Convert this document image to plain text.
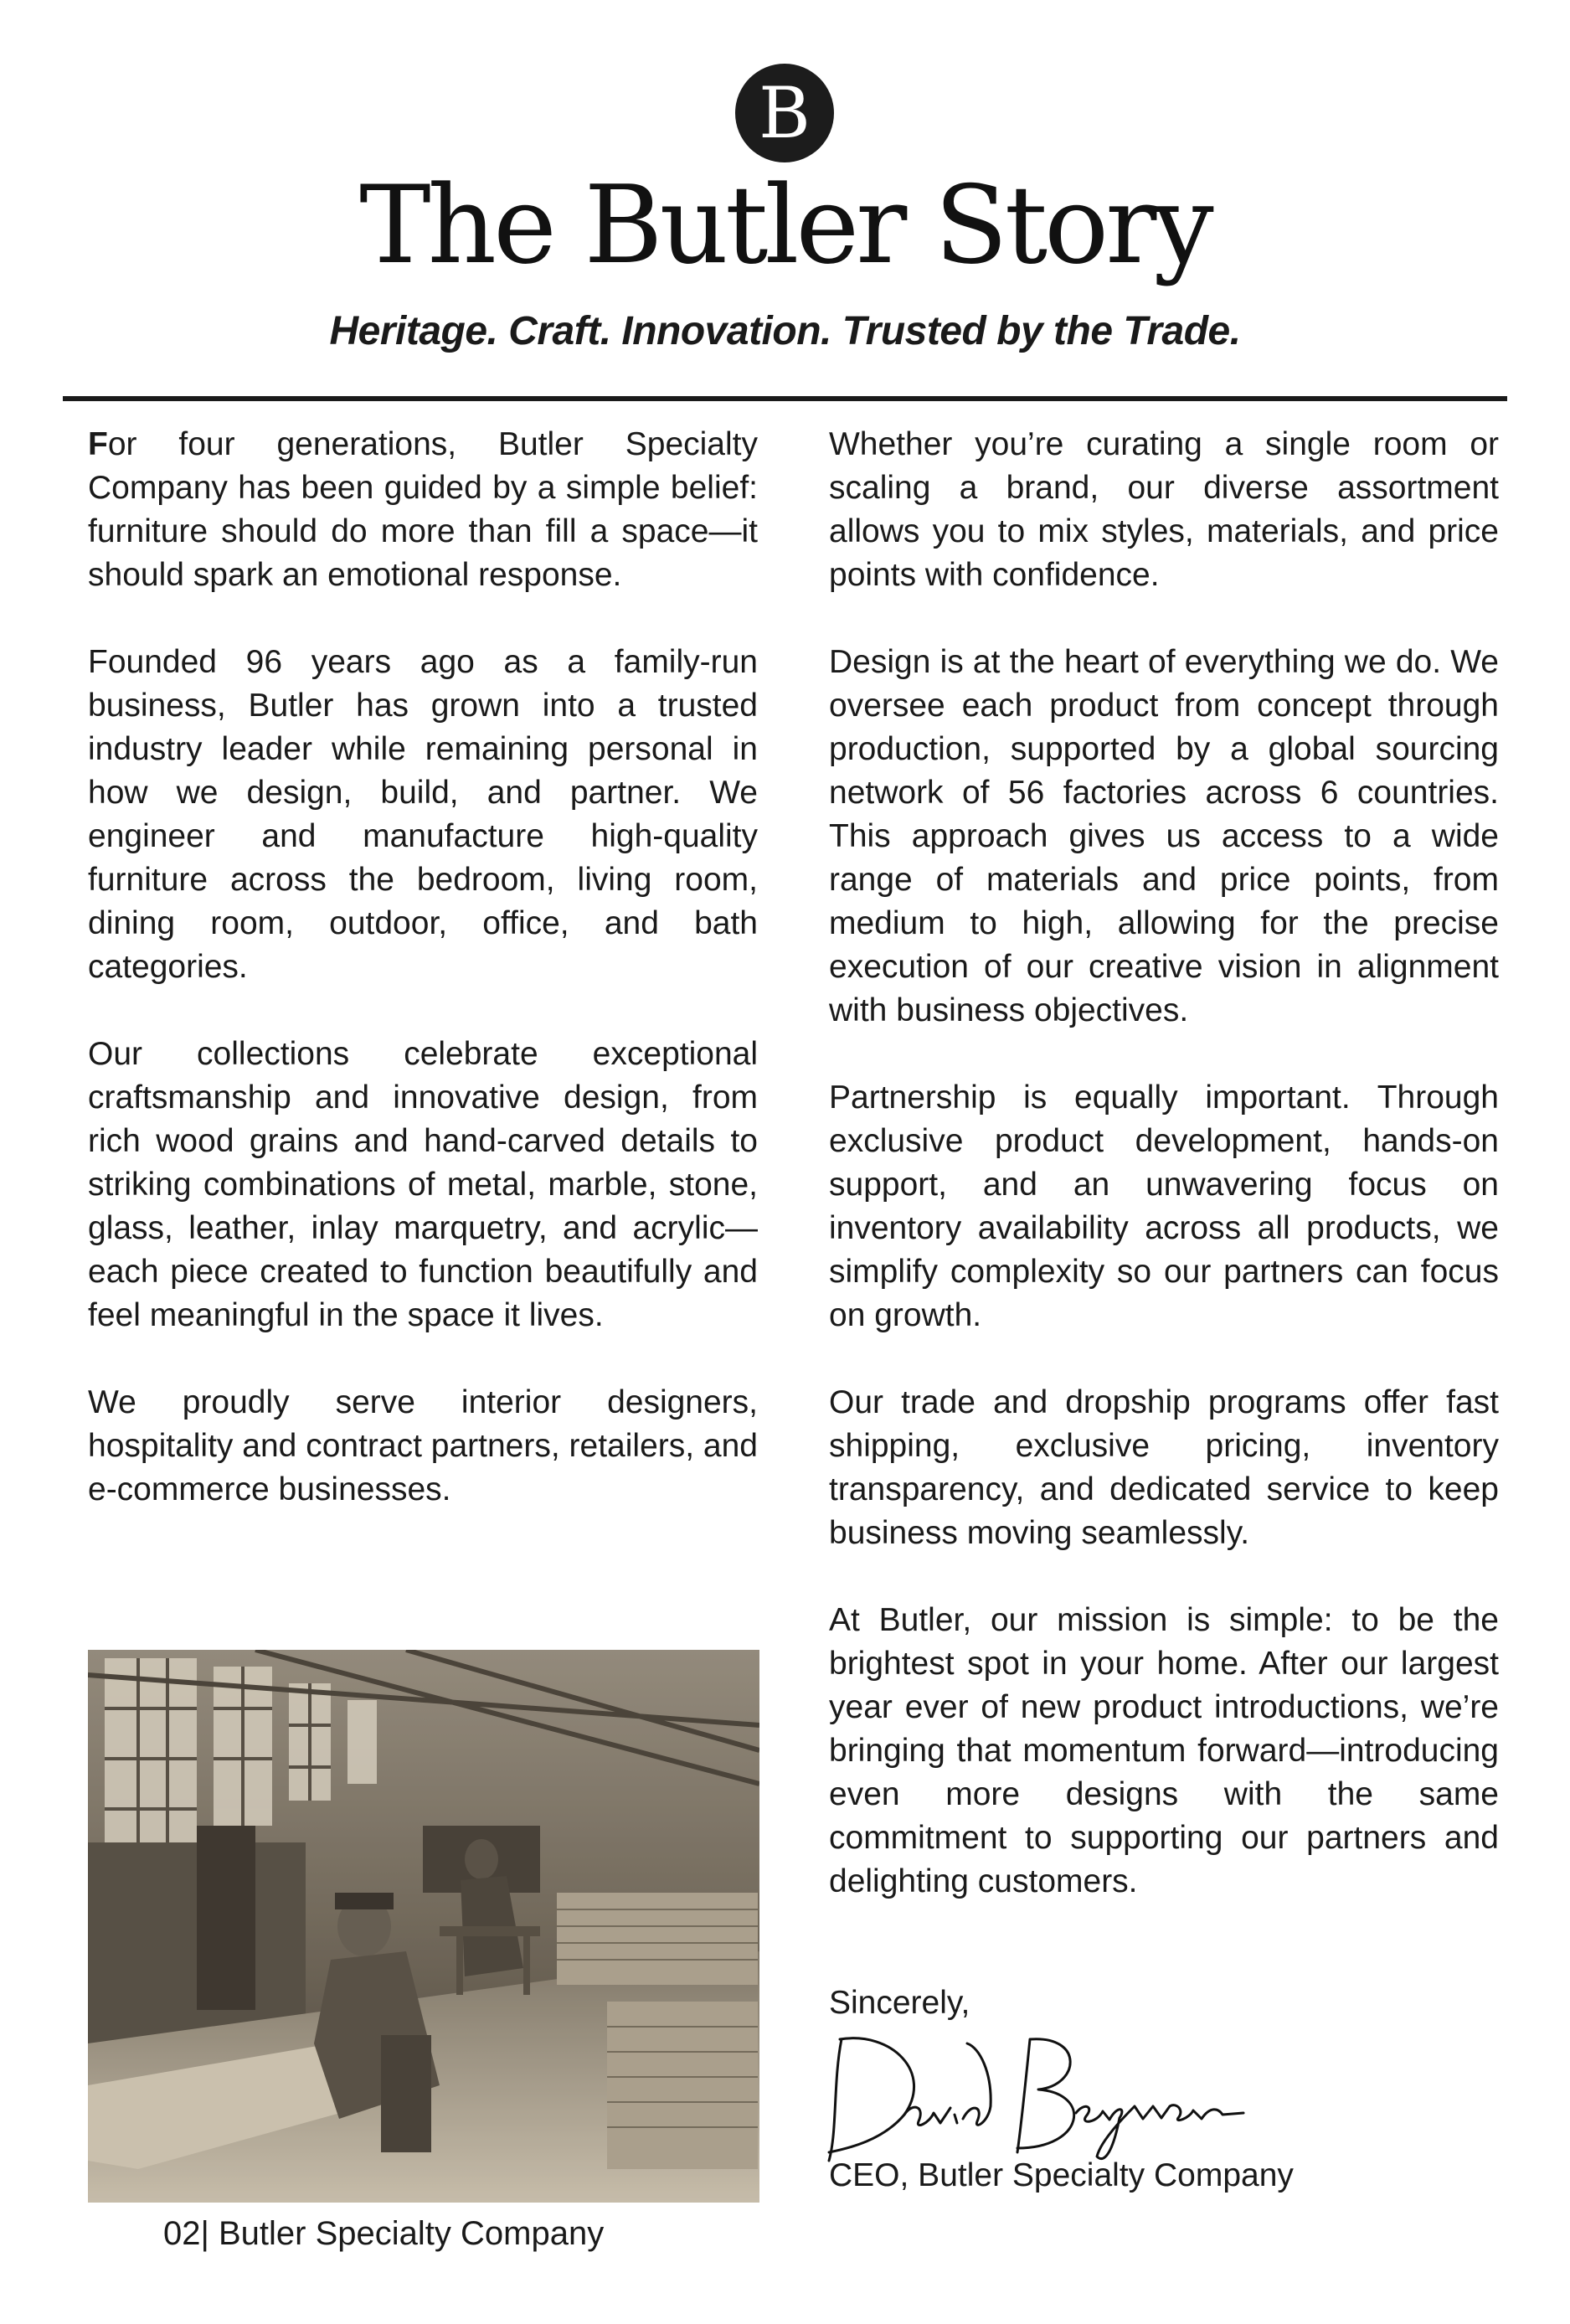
B
The Butler Story

Heritage. Craft. Innovation. Trusted by the Trade.

For four generations, Butler Specialty Company has been guided by a simple belief: furniture should do more than fill a space—it should spark an emotional response.

Founded 96 years ago as a family-run business, Butler has grown into a trusted industry leader while remaining personal in how we design, build, and partner. We engineer and manufacture high-quality furniture across the bedroom, living room, dining room, outdoor, office, and bath categories.

Our collections celebrate exceptional craftsmanship and innovative design, from rich wood grains and hand-carved details to striking combinations of metal, marble, stone, glass, leather, inlay marquetry, and acrylic—each piece created to function beautifully and feel meaningful in the space it lives.

We proudly serve interior designers, hospitality and contract partners, retailers, and e-commerce businesses.

Whether you’re curating a single room or scaling a brand, our diverse assortment allows you to mix styles, materials, and price points with confidence.

Design is at the heart of everything we do. We oversee each product from concept through production, supported by a global sourcing network of 56 factories across 6 countries. This approach gives us access to a wide range of materials and price points, from medium to high, allowing for the precise execution of our creative vision in alignment with business objectives.

Partnership is equally important. Through exclusive product development, hands-on support, and an unwavering focus on inventory availability across all products, we simplify complexity so our partners can focus on growth.

Our trade and dropship programs offer fast shipping, exclusive pricing, inventory transparency, and dedicated service to keep business moving seamlessly.

At Butler, our mission is simple: to be the brightest spot in your home. After our largest year ever of new product introductions, we’re bringing that momentum forward—introducing even more designs with the same commitment to supporting our partners and delighting customers.

Sincerely,
CEO, Butler Specialty Company
02| Butler Specialty Company
